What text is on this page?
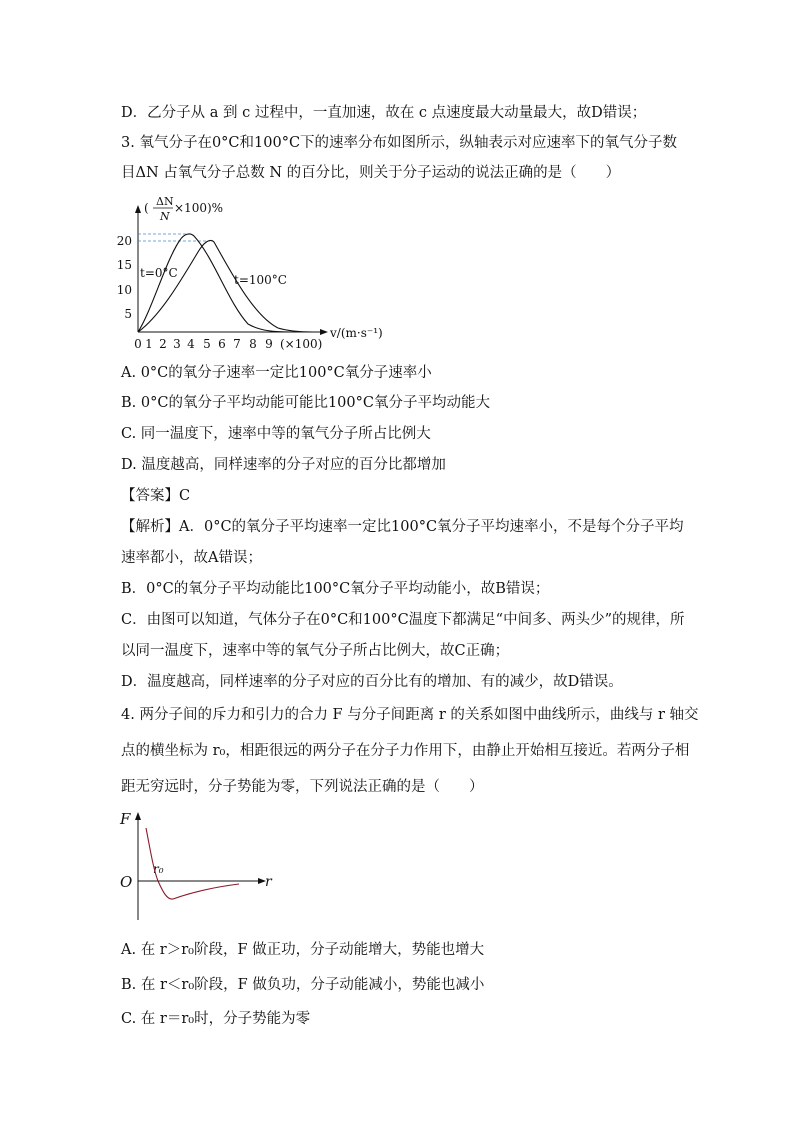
D．乙分子从 a 到 c 过程中，一直加速，故在 c 点速度最大动量最大，故D错误；
3. 氧气分子在0°C和100°C下的速率分布如图所示，纵轴表示对应速率下的氧气分子数
目ΔN 占氧气分子总数 N 的百分比，则关于分子运动的说法正确的是（　　）
( ΔN
N
×100)%
5
10
15
20
t=0°C	t=100°C
0 1 2 3 4 5 6 7 8 9 (×100)
v/(m·s⁻¹)
A. 0°C的氧分子速率一定比100°C氧分子速率小
B. 0°C的氧分子平均动能可能比100°C氧分子平均动能大
C. 同一温度下，速率中等的氧气分子所占比例大
D. 温度越高，同样速率的分子对应的百分比都增加
【答案】C
【解析】A．0°C的氧分子平均速率一定比100°C氧分子平均速率小，不是每个分子平均
速率都小，故A错误；
B．0°C的氧分子平均动能比100°C氧分子平均动能小，故B错误；
C．由图可以知道，气体分子在0°C和100°C温度下都满足“中间多、两头少”的规律，所
以同一温度下，速率中等的氧气分子所占比例大，故C正确；
D．温度越高，同样速率的分子对应的百分比有的增加、有的减少，故D错误。
4. 两分子间的斥力和引力的合力 F 与分子间距离 r 的关系如图中曲线所示，曲线与 r 轴交
点的横坐标为 r₀，相距很远的两分子在分子力作用下，由静止开始相互接近。若两分子相
距无穷远时，分子势能为零，下列说法正确的是（　　）
F
O	r
r₀
A. 在 r＞r₀阶段，F 做正功，分子动能增大，势能也增大
B. 在 r＜r₀阶段，F 做负功，分子动能减小，势能也减小
C. 在 r＝r₀时，分子势能为零
